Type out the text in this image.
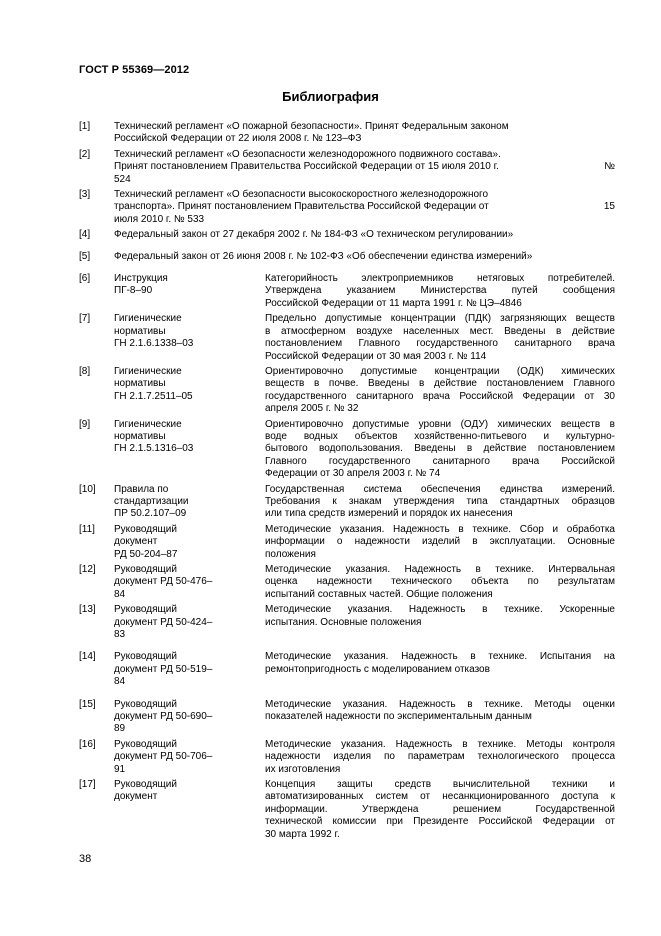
ГОСТ Р 55369—2012
Библиография
[1] Технический регламент «О пожарной безопасности». Принят Федеральным законом
Российской Федерации от 22 июля 2008 г. № 123–ФЗ
[2] Технический регламент «О безопасности железнодорожного подвижного состава».
Принят постановлением Правительства Российской Федерации от 15 июля 2010 г.	№
524
[3] Технический регламент «О безопасности высокоскоростного железнодорожного
транспорта». Принят постановлением Правительства Российской Федерации от	15
июля 2010 г. № 533
[4] Федеральный закон от 27 декабря 2002 г. № 184-ФЗ «О техническом регулировании»
[5] Федеральный закон от 26 июня 2008 г. № 102-ФЗ «Об обеспечении единства измерений»
[6] Инструкция
ПГ-8–90
Категорийность электроприемников нетяговых потребителей.
Утверждена указанием Министерства путей сообщения
Российской Федерации от 11 марта 1991 г. № ЦЭ–4846
[7] Гигиенические
нормативы
ГН 2.1.6.1338–03
Предельно допустимые концентрации (ПДК) загрязняющих веществ
в атмосферном воздухе населенных мест. Введены в действие
постановлением Главного государственного санитарного врача
Российской Федерации от 30 мая 2003 г. № 114
[8] Гигиенические
нормативы
ГН 2.1.7.2511–05
Ориентировочно допустимые концентрации (ОДК) химических
веществ в почве. Введены в действие постановлением Главного
государственного санитарного врача Российской Федерации от 30
апреля 2005 г. № 32
[9] Гигиенические
нормативы
ГН 2.1.5.1316–03
Ориентировочно допустимые уровни (ОДУ) химических веществ в
воде водных объектов хозяйственно-питьевого и культурно-
бытового водопользования. Введены в действие постановлением
Главного государственного санитарного врача Российской
Федерации от 30 апреля 2003 г. № 74
[10] Правила по
стандартизации
ПР 50.2.107–09
Государственная система обеспечения единства измерений.
Требования к знакам утверждения типа стандартных образцов
или типа средств измерений и порядок их нанесения
[11] Руководящий
документ
РД 50-204–87
Методические указания. Надежность в технике. Сбор и обработка
информации о надежности изделий в эксплуатации. Основные
положения
[12] Руководящий
документ РД 50-476–
84
Методические указания. Надежность в технике. Интервальная
оценка надежности технического объекта по результатам
испытаний составных частей. Общие положения
[13] Руководящий
документ РД 50-424–
83
Методические указания. Надежность в технике. Ускоренные
испытания. Основные положения
[14] Руководящий
документ РД 50-519–
84
Методические указания. Надежность в технике. Испытания на
ремонтопригодность с моделированием отказов
[15] Руководящий
документ РД 50-690–
89
Методические указания. Надежность в технике. Методы оценки
показателей надежности по экспериментальным данным
[16] Руководящий
документ РД 50-706–
91
Методические указания. Надежность в технике. Методы контроля
надежности изделия по параметрам технологического процесса
их изготовления
[17] Руководящий
документ
Концепция защиты средств вычислительной техники и
автоматизированных систем от несанкционированного доступа к
информации. Утверждена решением Государственной
технической комиссии при Президенте Российской Федерации от
30 марта 1992 г.
38
